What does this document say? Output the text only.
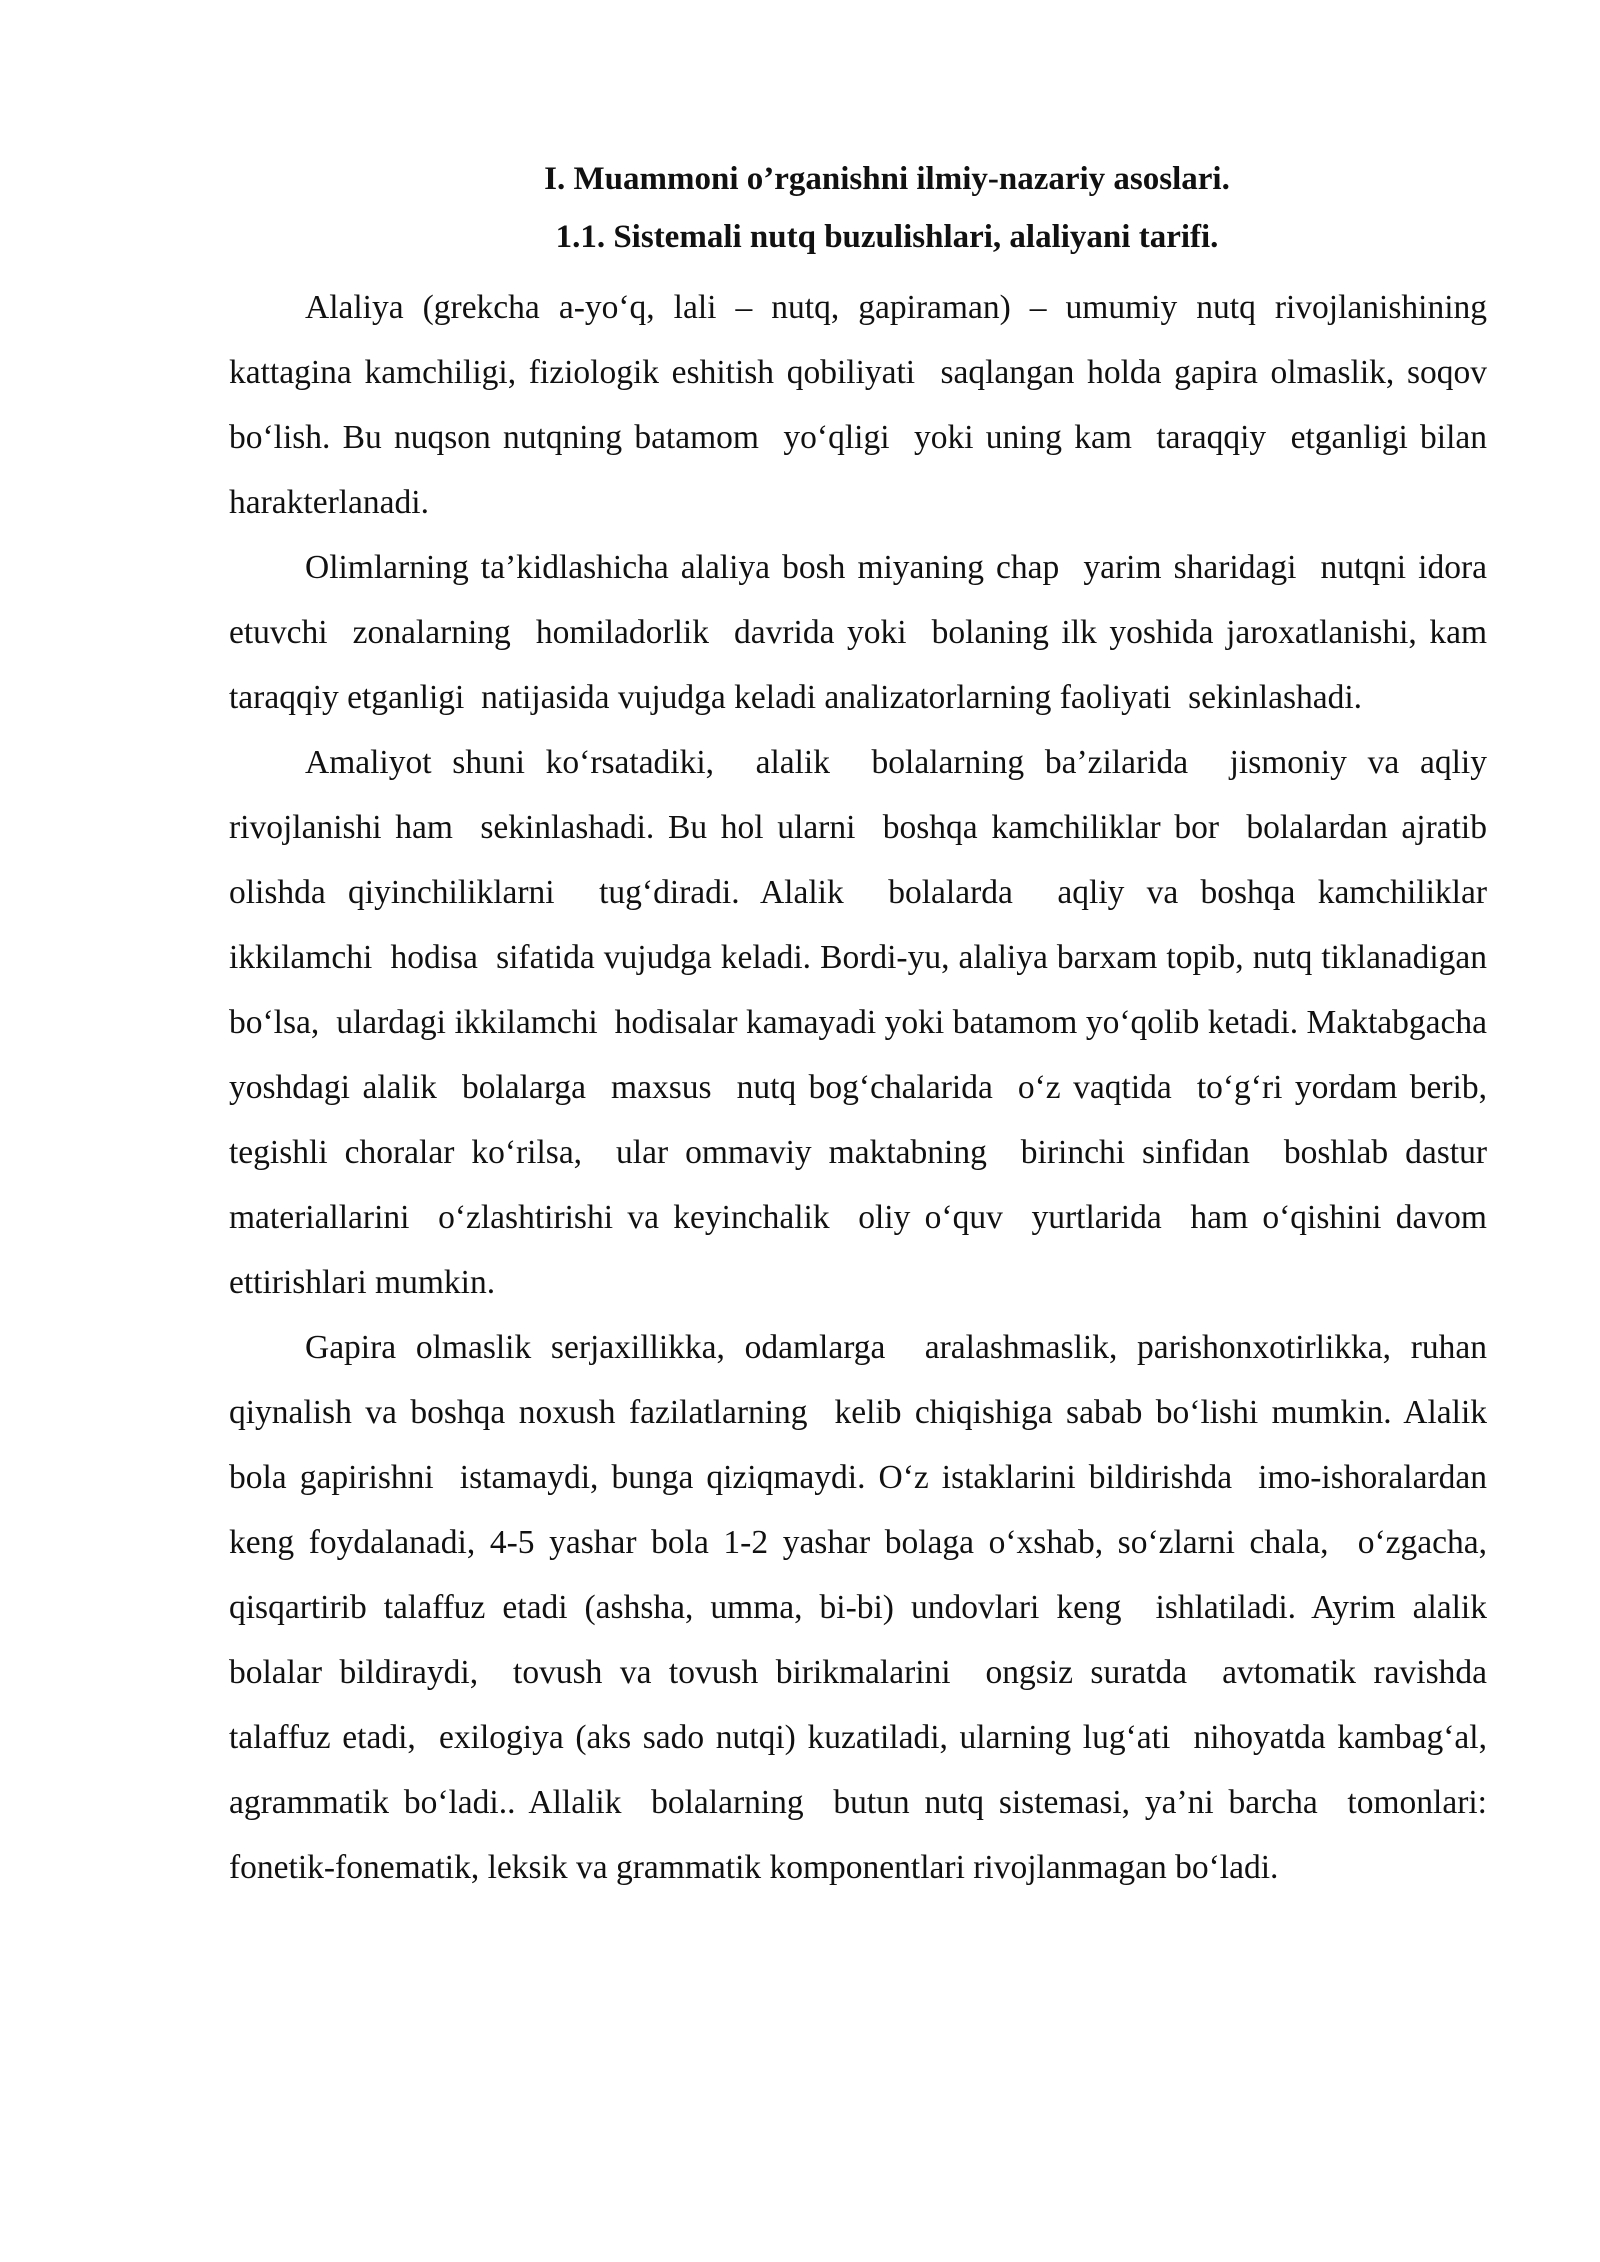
I. Muammoni o’rganishni ilmiy-nazariy asoslari.
1.1. Sistemali nutq buzulishlari, alaliyani tarifi.

Alaliya (grekcha a-yo‘q, lali – nutq, gapiraman) – umumiy nutq rivojlanishining kattagina kamchiligi, fiziologik eshitish qobiliyati  saqlangan holda gapira olmaslik, soqov bo‘lish. Bu nuqson nutqning batamom  yo‘qligi  yoki uning kam  taraqqiy  etganligi bilan harakterlanadi.

Olimlarning ta’kidlashicha alaliya bosh miyaning chap  yarim sharidagi  nutqni idora etuvchi  zonalarning  homiladorlik  davrida yoki  bolaning ilk yoshida jaroxatlanishi, kam taraqqiy etganligi  natijasida vujudga keladi analizatorlarning faoliyati  sekinlashadi.

Amaliyot shuni ko‘rsatadiki,  alalik  bolalarning ba’zilarida  jismoniy va aqliy rivojlanishi ham  sekinlashadi. Bu hol ularni  boshqa kamchiliklar bor  bolalardan ajratib  olishda qiyinchiliklarni  tug‘diradi. Alalik  bolalarda  aqliy va boshqa kamchiliklar  ikkilamchi  hodisa  sifatida vujudga keladi. Bordi-yu, alaliya barxam topib, nutq tiklanadigan bo‘lsa,  ulardagi ikkilamchi  hodisalar kamayadi yoki batamom yo‘qolib ketadi. Maktabgacha yoshdagi alalik  bolalarga  maxsus  nutq bog‘chalarida  o‘z vaqtida  to‘g‘ri yordam berib, tegishli choralar ko‘rilsa,  ular ommaviy maktabning  birinchi sinfidan  boshlab dastur  materiallarini  o‘zlashtirishi va keyinchalik  oliy o‘quv  yurtlarida  ham o‘qishini davom ettirishlari mumkin.

Gapira olmaslik serjaxillikka, odamlarga  aralashmaslik, parishonxotirlikka, ruhan qiynalish va boshqa noxush fazilatlarning  kelib chiqishiga sabab bo‘lishi mumkin. Alalik  bola gapirishni  istamaydi, bunga qiziqmaydi. O‘z istaklarini bildirishda  imo-ishoralardan keng foydalanadi, 4-5 yashar bola 1-2 yashar bolaga o‘xshab, so‘zlarni chala,  o‘zgacha, qisqartirib talaffuz etadi (ashsha, umma, bi-bi) undovlari keng  ishlatiladi. Ayrim alalik  bolalar bildiraydi,  tovush va tovush birikmalarini  ongsiz suratda  avtomatik ravishda  talaffuz etadi,  exilogiya (aks sado nutqi) kuzatiladi, ularning lug‘ati  nihoyatda kambag‘al, agrammatik bo‘ladi.. Allalik  bolalarning  butun nutq sistemasi, ya’ni barcha  tomonlari: fonetik-fonematik, leksik va grammatik komponentlari rivojlanmagan bo‘ladi.
